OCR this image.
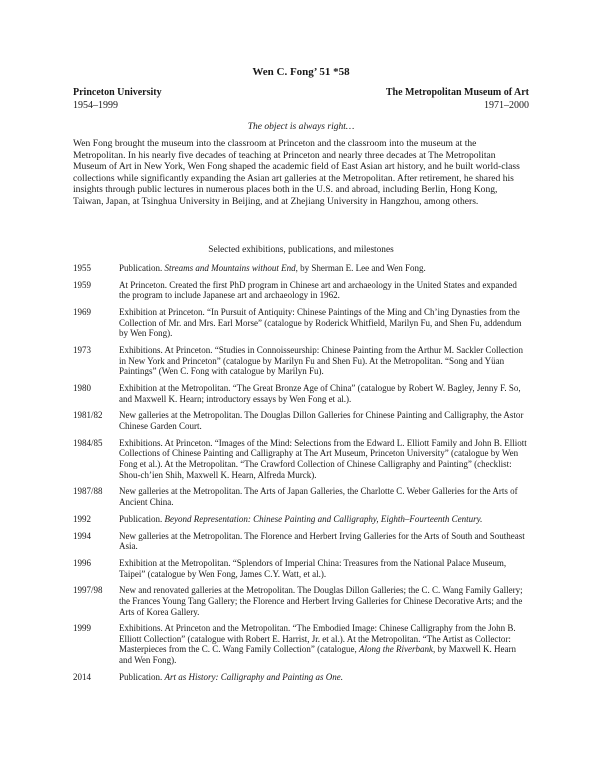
Wen C. Fong’ 51 *58
Princeton University
1954–1999
The Metropolitan Museum of Art
1971–2000
The object is always right…

Wen Fong brought the museum into the classroom at Princeton and the classroom into the museum at the Metropolitan. In his nearly five decades of teaching at Princeton and nearly three decades at The Metropolitan Museum of Art in New York, Wen Fong shaped the academic field of East Asian art history, and he built world-class collections while significantly expanding the Asian art galleries at the Metropolitan. After retirement, he shared his insights through public lectures in numerous places both in the U.S. and abroad, including Berlin, Hong Kong, Taiwan, Japan, at Tsinghua University in Beijing, and at Zhejiang University in Hangzhou, among others.

Selected exhibitions, publications, and milestones
1955	Publication. Streams and Mountains without End, by Sherman E. Lee and Wen Fong.
1959	At Princeton. Created the first PhD program in Chinese art and archaeology in the United States and expanded the program to include Japanese art and archaeology in 1962.
1969	Exhibition at Princeton. “In Pursuit of Antiquity: Chinese Paintings of the Ming and Ch’ing Dynasties from the Collection of Mr. and Mrs. Earl Morse” (catalogue by Roderick Whitfield, Marilyn Fu, and Shen Fu, addendum by Wen Fong).
1973	Exhibitions. At Princeton. “Studies in Connoisseurship: Chinese Painting from the Arthur M. Sackler Collection in New York and Princeton” (catalogue by Marilyn Fu and Shen Fu). At the Metropolitan. “Song and Yüan Paintings” (Wen C. Fong with catalogue by Marilyn Fu).
1980	Exhibition at the Metropolitan. “The Great Bronze Age of China” (catalogue by Robert W. Bagley, Jenny F. So, and Maxwell K. Hearn; introductory essays by Wen Fong et al.).
1981/82	New galleries at the Metropolitan. The Douglas Dillon Galleries for Chinese Painting and Calligraphy, the Astor Chinese Garden Court.
1984/85	Exhibitions. At Princeton. “Images of the Mind: Selections from the Edward L. Elliott Family and John B. Elliott Collections of Chinese Painting and Calligraphy at The Art Museum, Princeton University” (catalogue by Wen Fong et al.). At the Metropolitan. “The Crawford Collection of Chinese Calligraphy and Painting” (checklist: Shou-ch’ien Shih, Maxwell K. Hearn, Alfreda Murck).
1987/88	New galleries at the Metropolitan. The Arts of Japan Galleries, the Charlotte C. Weber Galleries for the Arts of Ancient China.
1992	Publication. Beyond Representation: Chinese Painting and Calligraphy, Eighth–Fourteenth Century.
1994	New galleries at the Metropolitan. The Florence and Herbert Irving Galleries for the Arts of South and Southeast Asia.
1996	Exhibition at the Metropolitan. “Splendors of Imperial China: Treasures from the National Palace Museum, Taipei” (catalogue by Wen Fong, James C.Y. Watt, et al.).
1997/98	New and renovated galleries at the Metropolitan. The Douglas Dillon Galleries; the C. C. Wang Family Gallery; the Frances Young Tang Gallery; the Florence and Herbert Irving Galleries for Chinese Decorative Arts; and the Arts of Korea Gallery.
1999	Exhibitions. At Princeton and the Metropolitan. “The Embodied Image: Chinese Calligraphy from the John B. Elliott Collection” (catalogue with Robert E. Harrist, Jr. et al.). At the Metropolitan. “The Artist as Collector: Masterpieces from the C. C. Wang Family Collection” (catalogue, Along the Riverbank, by Maxwell K. Hearn and Wen Fong).
2014	Publication. Art as History: Calligraphy and Painting as One.
